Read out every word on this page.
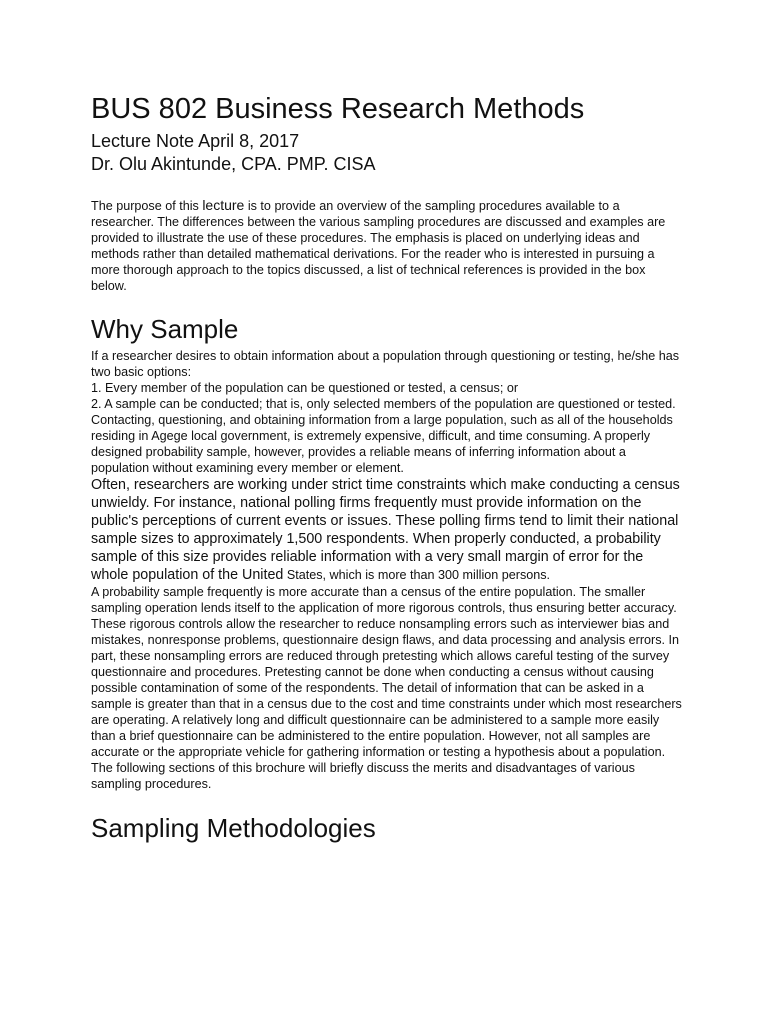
BUS 802 Business Research Methods

Lecture Note April 8, 2017

Dr. Olu Akintunde, CPA. PMP. CISA

The purpose of this lecture is to provide an overview of the sampling procedures available to a researcher. The differences between the various sampling procedures are discussed and examples are provided to illustrate the use of these procedures. The emphasis is placed on underlying ideas and methods rather than detailed mathematical derivations. For the reader who is interested in pursuing a more thorough approach to the topics discussed, a list of technical references is provided in the box below.

Why Sample

If a researcher desires to obtain information about a population through questioning or testing, he/she has two basic options:

1. Every member of the population can be questioned or tested, a census; or

2. A sample can be conducted; that is, only selected members of the population are questioned or tested.

Contacting, questioning, and obtaining information from a large population, such as all of the households residing in Agege local government, is extremely expensive, difficult, and time consuming. A properly designed probability sample, however, provides a reliable means of inferring information about a population without examining every member or element.

Often, researchers are working under strict time constraints which make conducting a census unwieldy. For instance, national polling firms frequently must provide information on the public's perceptions of current events or issues. These polling firms tend to limit their national sample sizes to approximately 1,500 respondents. When properly conducted, a probability sample of this size provides reliable information with a very small margin of error for the whole population of the United States, which is more than 300 million persons.

A probability sample frequently is more accurate than a census of the entire population. The smaller sampling operation lends itself to the application of more rigorous controls, thus ensuring better accuracy. These rigorous controls allow the researcher to reduce nonsampling errors such as interviewer bias and mistakes, nonresponse problems, questionnaire design flaws, and data processing and analysis errors. In part, these nonsampling errors are reduced through pretesting which allows careful testing of the survey questionnaire and procedures. Pretesting cannot be done when conducting a census without causing possible contamination of some of the respondents. The detail of information that can be asked in a sample is greater than that in a census due to the cost and time constraints under which most researchers are operating. A relatively long and difficult questionnaire can be administered to a sample more easily than a brief questionnaire can be administered to the entire population. However, not all samples are accurate or the appropriate vehicle for gathering information or testing a hypothesis about a population. The following sections of this brochure will briefly discuss the merits and disadvantages of various sampling procedures.

Sampling Methodologies
